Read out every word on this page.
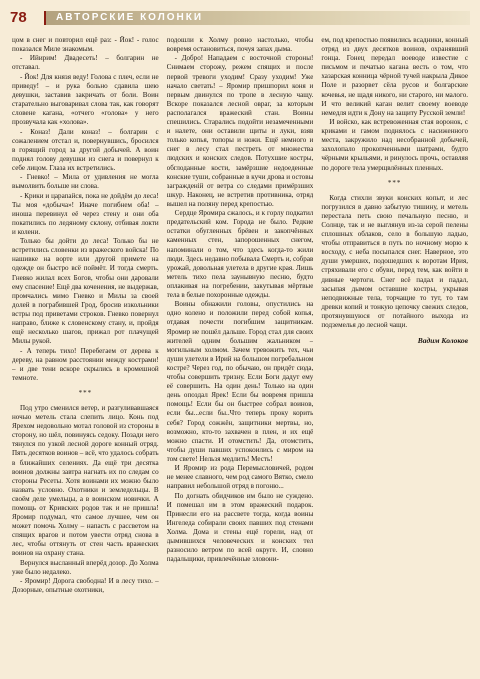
78	АВТОРСКИЕ КОЛОНКИ

цом в снег и повторил ещё раз: - Йок! - голос показался Миле знакомым.

- Ийирим! Двадесеть! – болгарин не отставал.

- Йок! Для князя веду! Голова с плеч, если не приведу! – и рука больно сдавила шею девушки, заставив закричать от боли. Воин старательно выговаривал слова так, как говорят словене кагана, «отчего «голова» у него прозвучала как «холова».

- Коназ! Дали коназ! – болгарин с сожалением отстал и, повернувшись, бросился в горящий город за другой добычей. А воин поднял голову девушки из снега и повернул к себе лицом. Глаза их встретились.

- Гневко! – Мила от удивления не могла вымолвить больше ни слова.

- Крики и царапайся, пока не дойдём до леса! Ты моя «добыча»! Иначе погибнем оба! – иноша перевинул её через стену и они оба покатились по ледяному склону, отбивая локти и колени.

Только бы дойти до леса! Только бы не встретились словенки из вражеского войска! По нашивке на ворте или другой примете на одежде он быстро всё поймёт. И тогда смерть. Гневко жилал всех Богов, чтобы они даровали ему спасение! Ещё два коченения, не выдержав, промчались мимо Гневко и Милы за своей долей в пограбившей Грод, бросив изкольники встры под приветами строков. Гневко повернул направо, ближе к словенскому стану, и, пройдя ещё несколько шагов, прижал рот плачущей Милы рукой.

- А теперь тихо! Перебегаем от дерева к дереву, на равном расстоянии между кострами! – и две тени вскоре скрылись в кромешной темноте.

***

Под утро сменился ветер, и разгуливавшаяся ночью метель стала слепить лицо. Конь под Ярехом недовольно мотал головой из стороны в сторону, но шёл, повинуясь седоку. Позади него тянулся по узкой лесной дороге конный отряд. Пять десятков воинов – всё, что удалось собрать в ближайших селениях. Да ещё три десятка воинов должны завтра нагнать их по следам со стороны Ресеты. Хотя воинами их можно было назвать условно. Охотники и земледельцы. В своём деле умельцы, а в воинском новички. А помощь от Кривских родов так и не пришла! Яромир подумал, что самое лучшее, чем он может помочь Холму – напасть с рассветом на спящих врагов и потом увести отряд снова в лес, чтобы оттянуть от стен часть вражеских воинов на охрану стана.

Вернулся высланный вперёд дозор. До Холма уже было недалеко.

- Яромир! Дорога свободна! И в лесу тихо. – Дозорные, опытные охотники,

подошли к Холму ровно настолько, чтобы вовремя остановиться, почуя запах дыма.

- Добро! Нападаем с восточной стороны! Снимаем сторожу, режем спящих и после первой тревоги уходим! Сразу уходим! Уже начало светать! – Яромир пришпорил коня и первым двинулся по тропе в лесную чащу. Вскоре показался лесной овраг, за которым располагался вражеский стан. Воины спешились. Старались подойти незамеченными и налете, они оставили щиты и луки, взяв только копья, топоры и ножи. Ещё немного и снег в лесу стал пестреть от множества людских и конских следов. Потухшие костры, обглоданные кости, замёрзшие недоеденные конские туши, собранные в кучи дрова и остовы загражденій от ветра со следами примёрзших шкур. Наконец, не встретив противника, отряд вышел на поляну перед крепостью.

Сердце Яромира сжалось, и к горлу подкатил предательский ком. Города не было. Редкие остатки обугленных брёвен и закопчённых каменных стен, запорошенных снегом, напоминали о том, что здесь когда-то жили люди. Здесь недавно побывала Смерть и, собрав урожай, довольная улетела в другие края. Лишь метель тихо пела заунывную песню, будто оплакивая на погребении, закутывая мёртвые тела в белые похоронные одежды.

Воины обнажили головы, опустились на одно колено и положили перед собой копья, отдавая почести погибшим защитникам. Яромир не пошёл дальше. Город стал для своих жителей одним большим жальником – могильным холмом. Зачем тревожить тех, чьи души улетели в Ирий на большом погребальном костре? Через год, по обычаю, он придёт сюда, чтобы совершить тризну. Если Боги дадут ему её совершить. На один день! Только на один день опоздал Ярек! Если бы вовремя пришла помощь! Если бы он быстрее собрал воинов, если бы...если бы..Что теперь проку корить себя? Город сожжён, защитники мертвы, но, возможно, кто-то захвачен в плен, и их ещё можно спасти. И отомстить! Да, отомстить, чтобы души павших успокоились с миром на том свете! Нельзя медлить! Месть!

И Яромир из рода Перемысловичей, родом не менее славного, чем род самого Вятко, смело направил небольшой отряд в погоню...

По догнать обидчиков им было не суждено. И помешал им в этом вражеский подарок. Принесли его на рассвете тогда, когда воины Ингеледа собирали своих павших под стенами Холма. Дома и стены ещё горели, над от дымившихся человеческих и конских тел разносило ветром по всей округе. И, словно падальщики, привлечённые зловони-

ем, под крепостью появились всадники, конный отряд из двух десятков воинов, охранявший гонца. Гонец передал воеводе известие с письмом и печатью кагана весть о том, что хазарская конница чёрной тучей накрыла Дикое Поле и разорвет сёла русов и болгарские кочевья, не щадя никого, ни старого, ни малого. И что великий каган велит своему воеводе немедля идти к Дону на защиту Русской земли!

И войско, как встревоженная стая воронок, с криками и гамом поднялось с насиженного места, закружило над несобранной добычей, захолопало прокопченными шатрами, будто чёрными крыльями, и ринулось прочь, оставляя по дороге тела умерщвлённых пленных.

***

Когда стихли звуки конских копыт, и лес погрузился в давно забытую тишину, и метель перестала петь свою печальную песню, и Солнце, так и не выглянув из-за серой пелены сплошных облаков, село в большую ладью, чтобы отправиться в путь по ночному морю к восходу, с неба посыпался снег. Наверное, это души умерших, подошедших к воротам Ирия, стряхивали его с обуви, перед тем, как войти в дивные чертоги. Снег всё падал и падал, засыпая дымом оставшие костры, укрывая неподвижные тела, торчащие то тут, то там древки копий и тонкую цепочку свежих следов, протянувшуюся от потайного выхода из подземелья до лесной чащи.

Вадим Колоков
